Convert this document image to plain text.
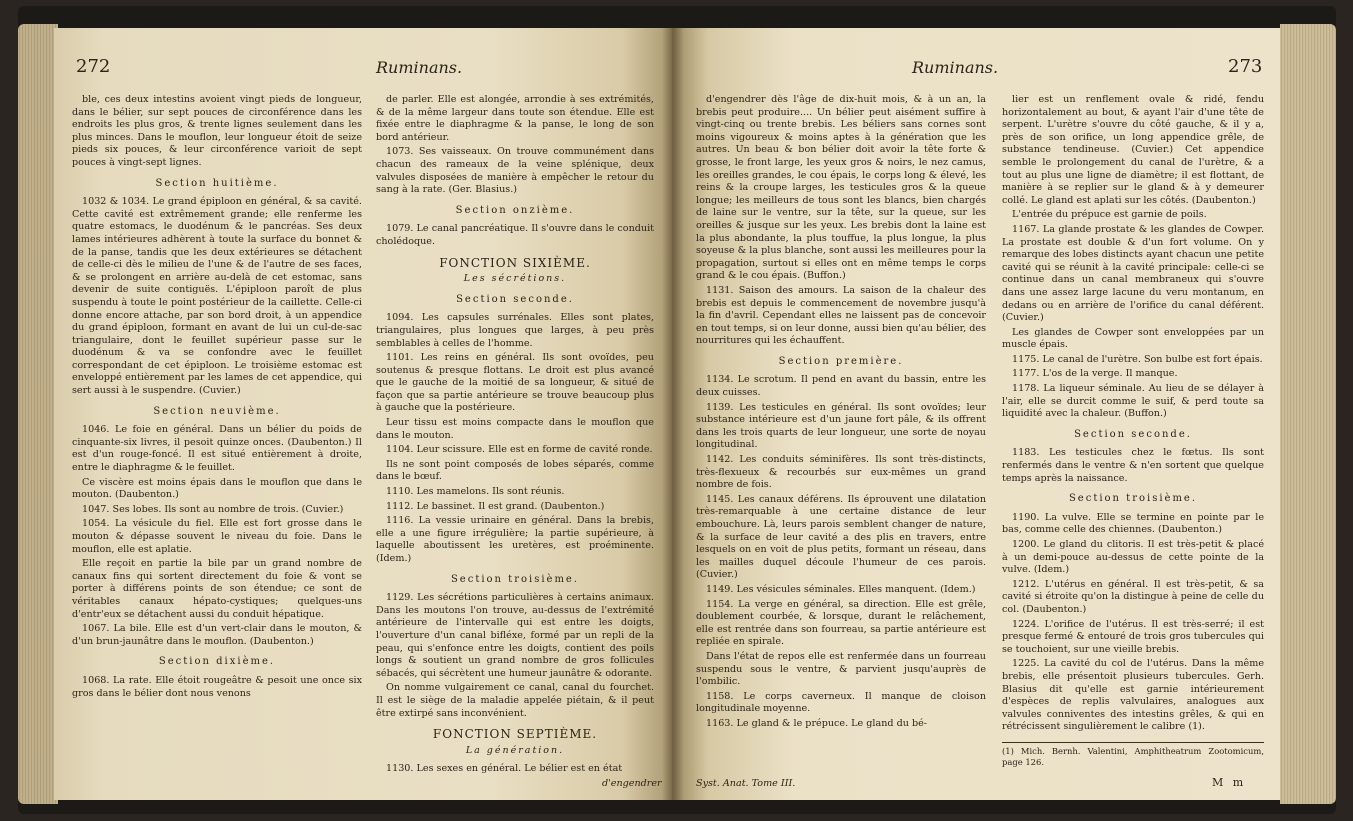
272	Ruminans.

ble, ces deux intestins avoient vingt pieds de longueur, dans le bélier, sur sept pouces de circonférence dans les endroits les plus gros, & trente lignes seulement dans les plus minces. Dans le mouflon, leur longueur étoit de seize pieds six pouces, & leur circonférence varioit de sept pouces à vingt-sept lignes.

Section huitième.

1032 & 1034. Le grand épiploon en général, & sa cavité. Cette cavité est extrêmement grande; elle renferme les quatre estomacs, le duodénum & le pancréas. Ses deux lames intérieures adhèrent à toute la surface du bonnet & de la panse, tandis que les deux extérieures se détachent de celle-ci dès le milieu de l'une & de l'autre de ses faces, & se prolongent en arrière au-delà de cet estomac, sans devenir de suite contiguës. L'épiploon paroît de plus suspendu à toute le point postérieur de la caillette. Celle-ci donne encore attache, par son bord droit, à un appendice du grand épiploon, formant en avant de lui un cul-de-sac triangulaire, dont le feuillet supérieur passe sur le duodénum & va se confondre avec le feuillet correspondant de cet épiploon. Le troisième estomac est enveloppé entièrement par les lames de cet appendice, qui sert aussi à le suspendre. (Cuvier.)

Section neuvième.

1046. Le foie en général. Dans un bélier du poids de cinquante-six livres, il pesoit quinze onces. (Daubenton.) Il est d'un rouge-foncé. Il est situé entièrement à droite, entre le diaphragme & le feuillet.

Ce viscère est moins épais dans le mouflon que dans le mouton. (Daubenton.)

1047. Ses lobes. Ils sont au nombre de trois. (Cuvier.)

1054. La vésicule du fiel. Elle est fort grosse dans le mouton & dépasse souvent le niveau du foie. Dans le mouflon, elle est aplatie.

Elle reçoit en partie la bile par un grand nombre de canaux fins qui sortent directement du foie & vont se porter à différens points de son étendue; ce sont de véritables canaux hépato-cystiques; quelques-uns d'entr'eux se détachent aussi du conduit hépatique.

1067. La bile. Elle est d'un vert-clair dans le mouton, & d'un brun-jaunâtre dans le mouflon. (Daubenton.)

Section dixième.

1068. La rate. Elle étoit rougeâtre & pesoit une once six gros dans le bélier dont nous venons

de parler. Elle est alongée, arrondie à ses extrémités, & de la même largeur dans toute son étendue. Elle est fixée entre le diaphragme & la panse, le long de son bord antérieur.

1073. Ses vaisseaux. On trouve communément dans chacun des rameaux de la veine splénique, deux valvules disposées de manière à empêcher le retour du sang à la rate. (Ger. Blasius.)

Section onzième.

1079. Le canal pancréatique. Il s'ouvre dans le conduit cholédoque.

FONCTION SIXIÈME.

Les sécrétions.

Section seconde.

1094. Les capsules surrénales. Elles sont plates, triangulaires, plus longues que larges, à peu près semblables à celles de l'homme.

1101. Les reins en général. Ils sont ovoïdes, peu soutenus & presque flottans. Le droit est plus avancé que le gauche de la moitié de sa longueur, & situé de façon que sa partie antérieure se trouve beaucoup plus à gauche que la postérieure.

Leur tissu est moins compacte dans le mouflon que dans le mouton.

1104. Leur scissure. Elle est en forme de cavité ronde.

Ils ne sont point composés de lobes séparés, comme dans le bœuf.

1110. Les mamelons. Ils sont réunis.

1112. Le bassinet. Il est grand. (Daubenton.)

1116. La vessie urinaire en général. Dans la brebis, elle a une figure irrégulière; la partie supérieure, à laquelle aboutissent les uretères, est proéminente. (Idem.)

Section troisième.

1129. Les sécrétions particulières à certains animaux. Dans les moutons l'on trouve, au-dessus de l'extrémité antérieure de l'intervalle qui est entre les doigts, l'ouverture d'un canal bifléxe, formé par un repli de la peau, qui s'enfonce entre les doigts, contient des poils longs & soutient un grand nombre de gros follicules sébacés, qui sécrètent une humeur jaunâtre & odorante.

On nomme vulgairement ce canal, canal du fourchet. Il est le siège de la maladie appelée piétain, & il peut être extirpé sans inconvénient.

FONCTION SEPTIÈME.

La génération.

1130. Les sexes en général. Le bélier est en état

d'engendrer
Ruminans.	273

d'engendrer dès l'âge de dix-huit mois, & à un an, la brebis peut produire.... Un bélier peut aisément suffire à vingt-cinq ou trente brebis. Les béliers sans cornes sont moins vigoureux & moins aptes à la génération que les autres. Un beau & bon bélier doit avoir la tête forte & grosse, le front large, les yeux gros & noirs, le nez camus, les oreilles grandes, le cou épais, le corps long & élevé, les reins & la croupe larges, les testicules gros & la queue longue; les meilleurs de tous sont les blancs, bien chargés de laine sur le ventre, sur la tête, sur la queue, sur les oreilles & jusque sur les yeux. Les brebis dont la laine est la plus abondante, la plus touffue, la plus longue, la plus soyeuse & la plus blanche, sont aussi les meilleures pour la propagation, surtout si elles ont en même temps le corps grand & le cou épais. (Buffon.)

1131. Saison des amours. La saison de la chaleur des brebis est depuis le commencement de novembre jusqu'à la fin d'avril. Cependant elles ne laissent pas de concevoir en tout temps, si on leur donne, aussi bien qu'au bélier, des nourritures qui les échauffent.

Section première.

1134. Le scrotum. Il pend en avant du bassin, entre les deux cuisses.

1139. Les testicules en général. Ils sont ovoïdes; leur substance intérieure est d'un jaune fort pâle, & ils offrent dans les trois quarts de leur longueur, une sorte de noyau longitudinal.

1142. Les conduits séminifères. Ils sont très-distincts, très-flexueux & recourbés sur eux-mêmes un grand nombre de fois.

1145. Les canaux déférens. Ils éprouvent une dilatation très-remarquable à une certaine distance de leur embouchure. Là, leurs parois semblent changer de nature, & la surface de leur cavité a des plis en travers, entre lesquels on en voit de plus petits, formant un réseau, dans les mailles duquel découle l'humeur de ces parois. (Cuvier.)

1149. Les vésicules séminales. Elles manquent. (Idem.)

1154. La verge en général, sa direction. Elle est grêle, doublement courbée, & lorsque, durant le relâchement, elle est rentrée dans son fourreau, sa partie antérieure est repliée en spirale.

Dans l'état de repos elle est renfermée dans un fourreau suspendu sous le ventre, & parvient jusqu'auprès de l'ombilic.

1158. Le corps caverneux. Il manque de cloison longitudinale moyenne.

1163. Le gland & le prépuce. Le gland du bé-

Syst. Anat. Tome III.

lier est un renflement ovale & ridé, fendu horizontalement au bout, & ayant l'air d'une tête de serpent. L'urètre s'ouvre du côté gauche, & il y a, près de son orifice, un long appendice grêle, de substance tendineuse. (Cuvier.) Cet appendice semble le prolongement du canal de l'urètre, & a tout au plus une ligne de diamètre; il est flottant, de manière à se replier sur le gland & à y demeurer collé. Le gland est aplati sur les côtés. (Daubenton.)

L'entrée du prépuce est garnie de poils.

1167. La glande prostate & les glandes de Cowper. La prostate est double & d'un fort volume. On y remarque des lobes distincts ayant chacun une petite cavité qui se réunit à la cavité principale: celle-ci se continue dans un canal membraneux qui s'ouvre dans une assez large lacune du veru montanum, en dedans ou en arrière de l'orifice du canal déférent. (Cuvier.)

Les glandes de Cowper sont enveloppées par un muscle épais.

1175. Le canal de l'urètre. Son bulbe est fort épais.

1177. L'os de la verge. Il manque.

1178. La liqueur séminale. Au lieu de se délayer à l'air, elle se durcit comme le suif, & perd toute sa liquidité avec la chaleur. (Buffon.)

Section seconde.

1183. Les testicules chez le fœtus. Ils sont renfermés dans le ventre & n'en sortent que quelque temps après la naissance.

Section troisième.

1190. La vulve. Elle se termine en pointe par le bas, comme celle des chiennes. (Daubenton.)

1200. Le gland du clitoris. Il est très-petit & placé à un demi-pouce au-dessus de cette pointe de la vulve. (Idem.)

1212. L'utérus en général. Il est très-petit, & sa cavité si étroite qu'on la distingue à peine de celle du col. (Daubenton.)

1224. L'orifice de l'utérus. Il est très-serré; il est presque fermé & entouré de trois gros tubercules qui se touchoient, sur une vieille brebis.

1225. La cavité du col de l'utérus. Dans la même brebis, elle présentoit plusieurs tubercules. Gerh. Blasius dit qu'elle est garnie intérieurement d'espèces de replis valvulaires, analogues aux valvules conniventes des intestins grêles, & qui en rétrécissent singulièrement le calibre (1).

(1) Mich. Bernh. Valentini, Amphitheatrum Zootomicum, page 126.

M m
